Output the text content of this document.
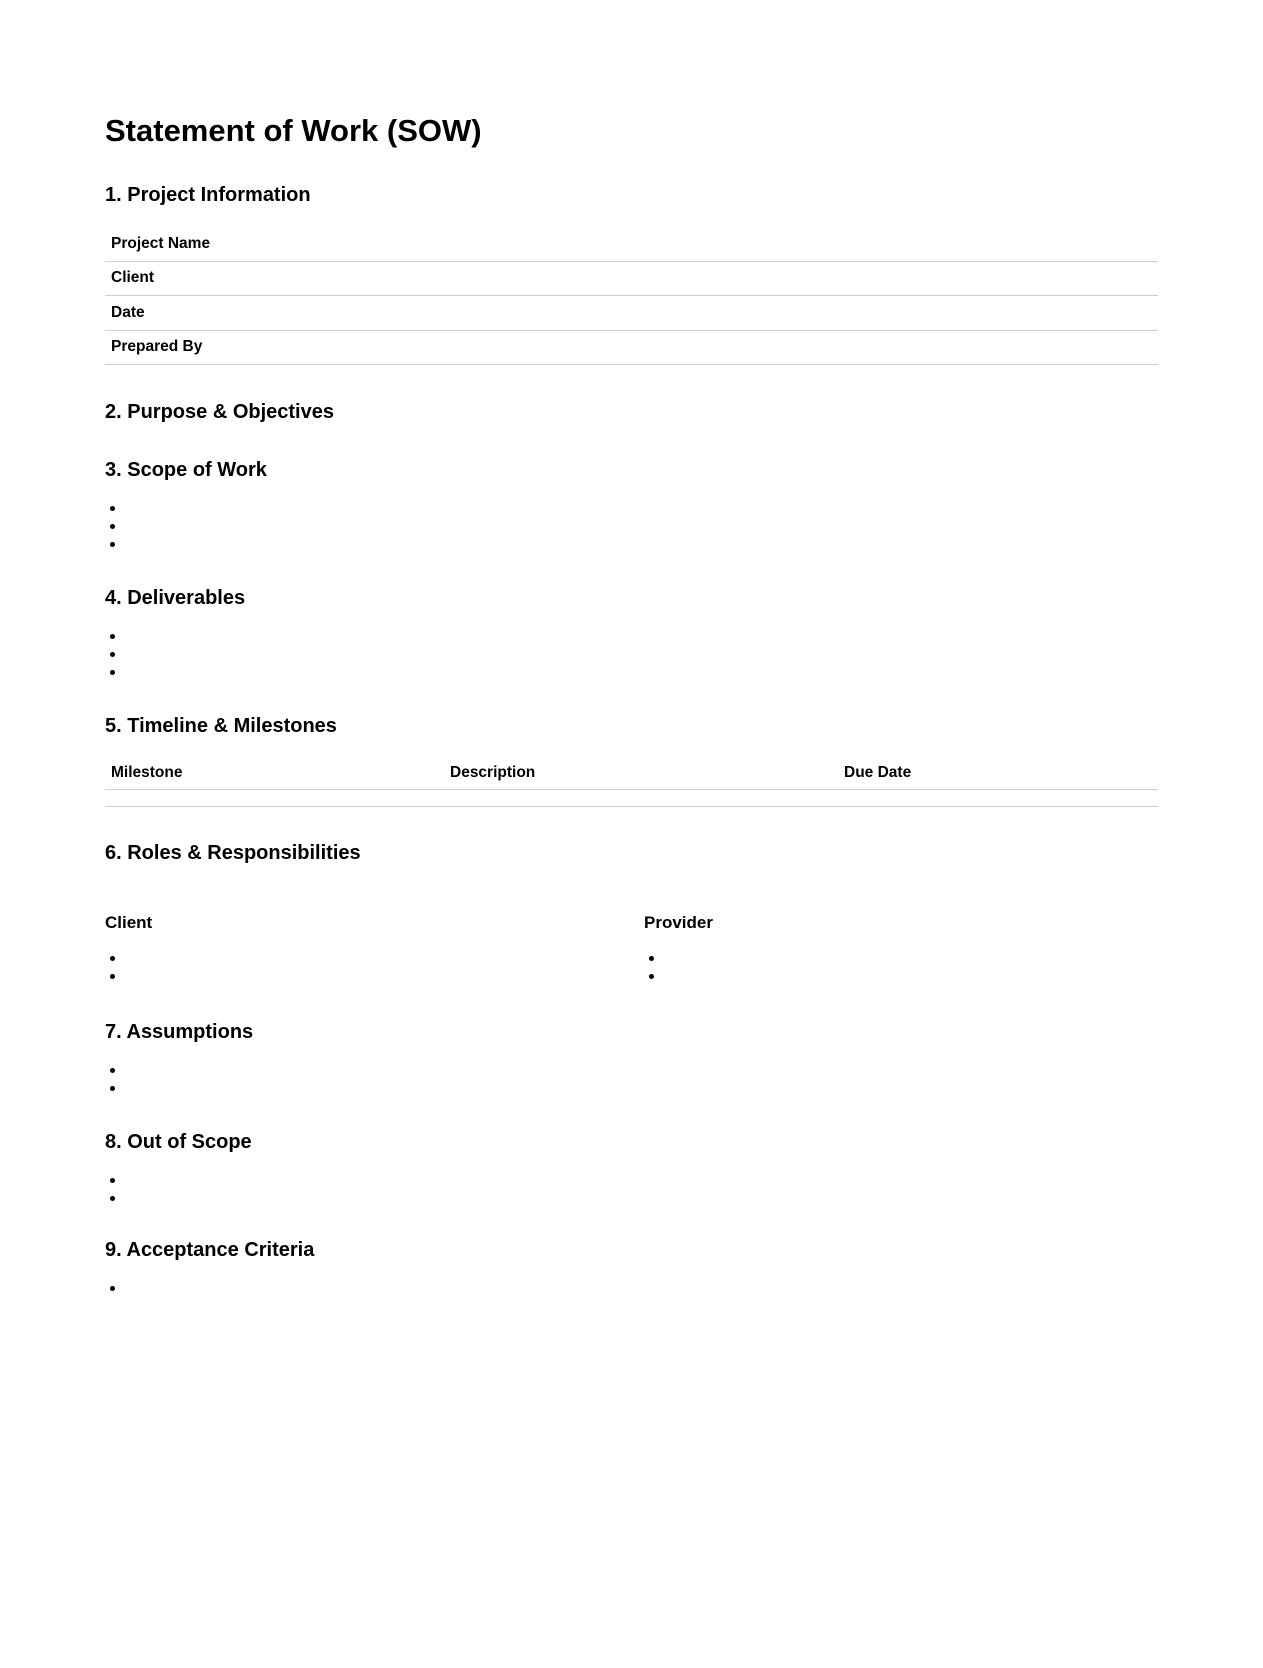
Statement of Work (SOW)
1. Project Information
Project Name	
Client	
Date	
Prepared By	
2. Purpose & Objectives
3. Scope of Work
4. Deliverables
5. Timeline & Milestones
Milestone	Description	Due Date

6. Roles & Responsibilities
Client	Provider
7. Assumptions
8. Out of Scope
9. Acceptance Criteria
